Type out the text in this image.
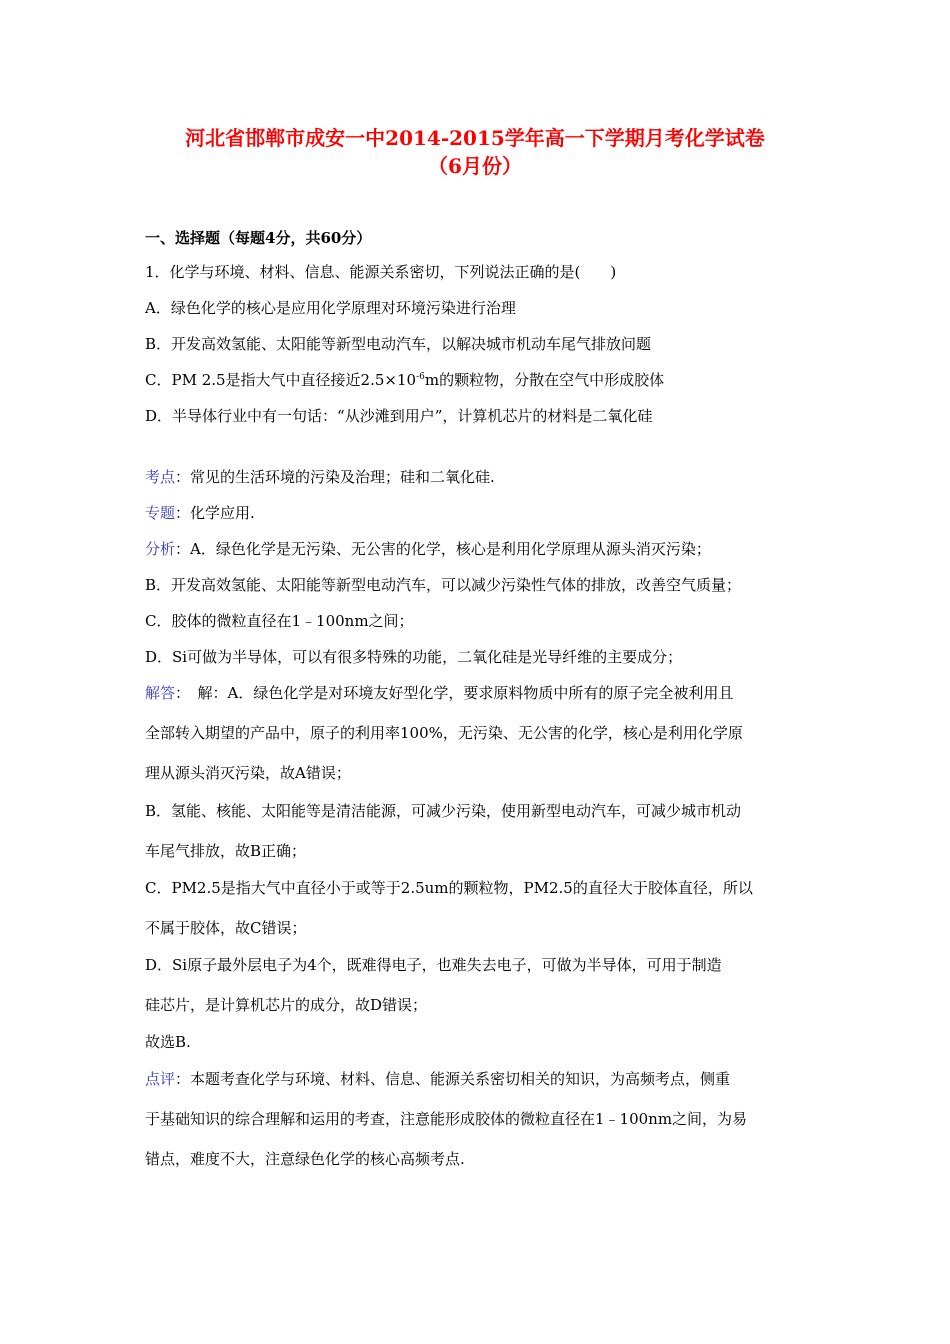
河北省邯郸市成安一中2014-2015学年高一下学期月考化学试卷
（6月份）
一、选择题（每题4分，共60分）
1．化学与环境、材料、信息、能源关系密切，下列说法正确的是(　　)
A．绿色化学的核心是应用化学原理对环境污染进行治理
B．开发高效氢能、太阳能等新型电动汽车，以解决城市机动车尾气排放问题
C．PM 2.5是指大气中直径接近$2.5\times 10^{-6}m$的颗粒物，分散在空气中形成胶体
D．半导体行业中有一句话：“从沙滩到用户”，计算机芯片的材料是二氧化硅
考点：常见的生活环境的污染及治理；硅和二氧化硅.
专题：化学应用.
分析：A．绿色化学是无污染、无公害的化学，核心是利用化学原理从源头消灭污染；
B．开发高效氢能、太阳能等新型电动汽车，可以减少污染性气体的排放，改善空气质量；
C．胶体的微粒直径在1﹣100nm之间；
D．Si可做为半导体，可以有很多特殊的功能，二氧化硅是光导纤维的主要成分；
解答：　解：A．绿色化学是对环境友好型化学，要求原料物质中所有的原子完全被利用且
全部转入期望的产品中，原子的利用率100%，无污染、无公害的化学，核心是利用化学原
理从源头消灭污染，故A错误；
B．氢能、核能、太阳能等是清洁能源，可减少污染，使用新型电动汽车，可减少城市机动
车尾气排放，故B正确；
C．PM2.5是指大气中直径小于或等于2.5um的颗粒物，PM2.5的直径大于胶体直径，所以
不属于胶体，故C错误；
D．Si原子最外层电子为4个，既难得电子，也难失去电子，可做为半导体，可用于制造
硅芯片，是计算机芯片的成分，故D错误；
故选B.
点评：本题考查化学与环境、材料、信息、能源关系密切相关的知识，为高频考点，侧重
于基础知识的综合理解和运用的考查，注意能形成胶体的微粒直径在1﹣100nm之间，为易
错点，难度不大，注意绿色化学的核心高频考点.
